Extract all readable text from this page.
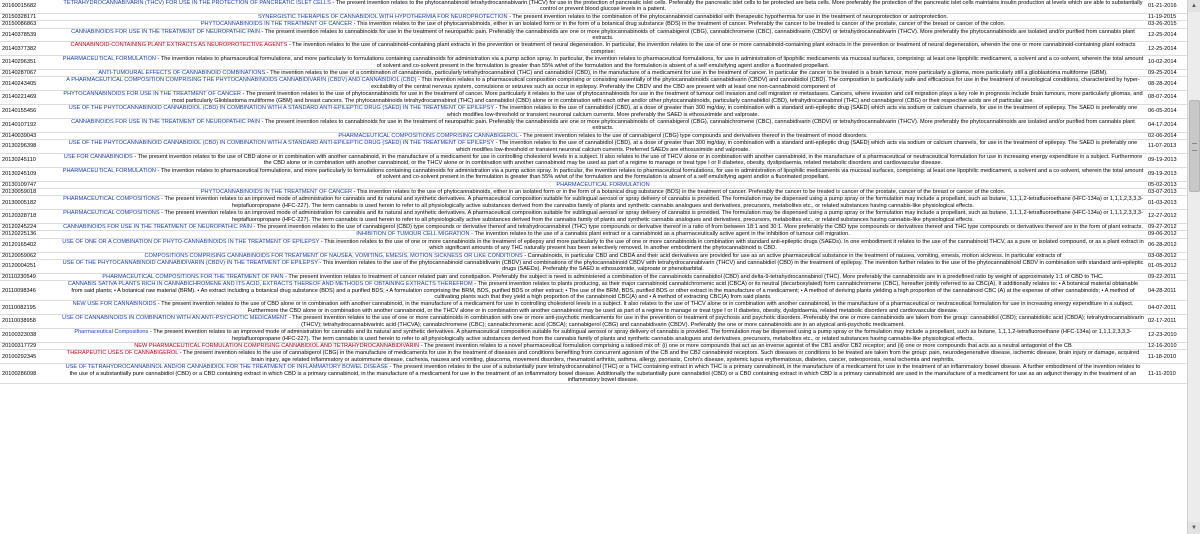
20160015682	TETRAHYDROCANNABIVARIN (THCV) FOR USE IN THE PROTECTION OF PANCREATIC ISLET CELLS - The present invention relates to the phytocannabinoid tetrahydrocannabivarin (THCV) for use in the protection of pancreatic islet cells. Preferably the pancreatic islet cells to be protected are beta cells. More preferably the protection of the pancreatic islet cells maintains insulin production at levels which are able to substantially control or prevent blood glucose levels in a patient.	01-21-2016
20150328171	SYNERGISTIC THERAPIES OF CANNABIDIOL WITH HYPOTHERMIA FOR NEUROPROTECTION - The present invention relates to the combination of the phytocannabinoid cannabidiol with therapeutic hypothermia for use in the treatment of neuroprotection or astroprotection.	11-19-2015
20150086863	PHYTOCANNABINOIDS IN THE TREATMENT OF CANCER - This invention relates to the use of phytocannabinoids, either in an isolated form or in the form of a botanical drug substance (BDS) in the treatment of cancer. Preferably the cancer to be treated is cancer of the prostate, cancer of the breast or cancer of the colon.	03-26-2015
20140378539	CANNABINOIDS FOR USE IN THE TREATMENT OF NEUROPATHIC PAIN - The present invention relates to cannabinoids for use in the treatment of neuropathic pain. Preferably the cannabinoids are one or more phytocannabinoids of: cannabigerol (CBG), cannabichromene (CBC), cannabidivarin (CBDV) or tetrahydrocannabivarin (THCV). More preferably the phytocannabinoids are isolated and/or purified from cannabis plant extracts.	12-25-2014
20140377382	CANNABINOID-CONTAINING PLANT EXTRACTS AS NEUROPROTECTIVE AGENTS - The invention relates to the use of cannabinoid-containing plant extracts in the prevention or treatment of neural degeneration. In particular, the invention relates to the use of one or more cannabinoid-containing plant extracts in the prevention or treatment of neural degeneration, wherein the one or more cannabinoid-containing plant extracts comprise:	12-25-2014
20140296351	PHARMACEUTICAL FORMULATION - The invention relates to pharmaceutical formulations, and more particularly to formulations containing cannabinoids for administration via a pump action spray. In particular, the invention relates to pharmaceutical formulations, for use in administration of lipophilic medicaments via mucosal surfaces, comprising: at least one lipophilic medicament, a solvent and a co-solvent, wherein the total amount of solvent and co-solvent present in the formulation is greater than 55% wt/wt of the formulation and the formulation is absent of a self emulsifying agent and/or a fluorinated propellant.	10-02-2014
20140287067	ANTI-TUMOURAL EFFECTS OF CANNABINOID COMBINATIONS - The invention relates to the use of a combination of cannabinoids, particularly tetrahydrocannabinol (THC) and cannabidiol (CBD), in the manufacture of a medicament for use in the treatment of cancer. In particular the cancer to be treated is a brain tumour, more particularly a glioma, more particularly still a glioblastoma multiforme (GBM).	09-25-2014
20140243405	A PHARMACEUTICAL COMPOSITION COMPRISING THE PHYTOCANNABINOIDS CANNABIDIVARIN (CBDV) AND CANNABIDIOL (CBD) - This invention relates to a pharmaceutical composition comprising or consisting essentially of the phytocannabinoids cannabidivarin (CBDV) and cannabidiol (CBD). The composition is particularly safe and efficacious for use in the treatment of neurological conditions, characterized by hyper-excitability of the central nervous system, convulsions or seizures such as occur in epilepsy. Preferably the CBDV and the CBD are present with at least one non-cannabinoid component of	08-28-2014
20140221469	PHYTOCANNABINOIDS FOR USE IN THE TREATMENT OF CANCER - The present invention relates to the use of phytocannabinoids for use in the treatment of cancer. More particularly it relates to the use of phytocannabinoids for use in the treatment of tumour cell invasion and cell migration or metastases. Cancers, where invasion and cell migration plays a key role in prognosis include brain tumours, more particularly gliomas, and most particularly Glioblastoma multiforme (GBM) and breast cancers. The phytocannabinoids tetrahydrocannabinol (THC) and cannabidiol (CBD) alone or in combination with each other and/or other phytocannabinoids, particularly cannabidiol (CBD), tetrahydrocannabinol (THC) and cannabigerol (CBG) or their respective acids are of particular use.	08-07-2014
20140155456	USE OF THE PHYTOCANNABINOID CANNABIDIOL (CBD) IN COMBINATION WITH A STANDARD ANTI-EPILEPTIC DRUG (SAED) IN THE TREATMENT OF EPILEPSY - The invention relates to the use of cannabidiol (CBD), at a dose of greater than 300 mg/day, in combination with a standard anti-epileptic drug (SAED) which acts via sodium or calcium channels, for use in the treatment of epilepsy. The SAED is preferably one which modifies low-threshold or transient neuronal calcium currents. More preferably the SAED is ethosuximide and valproate.	06-05-2014
20140107192	CANNABINOIDS FOR USE IN THE TREATMENT OF NEUROPATHIC PAIN - The present invention relates to cannabinoids for use in the treatment of neuropathic pain. Preferably the cannabinoids are one or more phytocannabinoids of: cannabigerol (CBG), cannabichromene (CBC), cannabidivarin (CBDV) or tetrahydrocannabivarin (THCV). More preferably the phytocannabinoids are isolated and/or purified from cannabis plant extracts.	04-17-2014
20140039043	PHARMACEUTICAL COMPOSITIONS COMPRISING CANNABIGEROL - The present invention relates to the use of cannabigerol (CBG) type compounds and derivatives thereof in the treatment of mood disorders.	02-06-2014
20130296398	USE OF THE PHYTOCANNABINOID CANNABIDIOL (CBD) IN COMBINATION WITH A STANDARD ANTI-EPILEPTIC DRUG (SAED) IN THE TREATMENT OF EPILEPSY - The invention relates to the use of cannabidiol (CBD), at a dose of greater than 300 mg/day, in combination with a standard anti-epileptic drug (SAED) which acts via sodium or calcium channels, for use in the treatment of epilepsy. The SAED is preferably one which modifies low-threshold or transient neuronal calcium currents. Preferred SAEDs are ethosuximide and valproate.	11-07-2013
20130245110	USE FOR CANNABINOIDS - The present invention relates to the use of CBD alone or in combination with another cannabinoid, in the manufacture of a medicament for use in controlling cholesterol levels in a subject. It also relates to the use of THCV alone or in combination with another cannabinoid, in the manufacture of a pharmaceutical or neutraceutical formulation for use in increasing energy expenditure in a subject. Furthermore the CBD alone or in combination with another cannabinoid, or the THCV alone or in combination with another cannabinoid may be used as part of a regime to manage or treat type I or II diabetes, obesity, dyslipidaemia, related metabolic disorders and cardiovascular disease.	09-19-2013
20130245109	PHARMACEUTICAL FORMULATION - The invention relates to pharmaceutical formulations, and more particularly to formulations containing cannabinoids for administration via a pump action spray. In particular, the invention relates to pharmaceutical formulations, for use in administration of lipophilic medicaments via mucosal surfaces, comprising: at least one lipophilic medicament, a solvent and a co-solvent, wherein the total amount of solvent and co-solvent present in the formulation is greater than 55% wt/wt of the formulation and the formulation is absent of a self emulsifying agent and/or a fluorinated propellant.	09-19-2013
20130109747	PHARMACEUTICAL FORMULATION	05-02-2013
20130059018	PHYTOCANNABINOIDS IN THE TREATMENT OF CANCER - This invention relates to the use of phytocannabinoids, either in an isolated form or in the form of a botanical drug substance (BDS) in the treatment of cancer. Preferably the cancer to be treated is cancer of the prostate, cancer of the breast or cancer of the colon.	03-07-2013
20130005182	PHARMACEUTICAL COMPOSITIONS - The present invention relates to an improved mode of administration for cannabis and its natural and synthetic derivatives. A pharmaceutical composition suitable for sublingual aerosol or spray delivery of cannabis is provided. The formulation may be dispensed using a pump spray or the formulation may include a propellant, such as butane, 1,1,1,2-tetrafluoroethane (HFC-134a) or 1,1,1,2,3,3,3-heptafluoropropane (HFC-227). The term cannabis is used herein to refer to all physiologically active substances derived from the cannabis family of plants and synthetic cannabis analogues and derivatives, precursors, metabolites etc., or related substances having cannabis-like physiological effects.	01-03-2013
20120328718	PHARMACEUTICAL COMPOSITIONS - The present invention relates to an improved mode of administration for cannabis and its natural and synthetic derivatives. A pharmaceutical composition suitable for sublingual aerosol or spray delivery of cannabis is provided. The formulation may be dispensed using a pump spray or the formulation may include a propellant, such as butane, 1,1,1,2-tetrafluoroethane (HFC-134a) or 1,1,1,2,3,3,3-heptafluoropropane (HFC-227). The term cannabis is used herein to refer to all physiologically active substances derived from the cannabis family of plants and synthetic cannabis analogues and derivatives, precursors, metabolites etc., or related substances having cannabis-like physiological effects.	12-27-2012
20120245224	CANNABINOIDS FOR USE IN THE TREATMENT OF NEUROPATHIC PAIN - The present invention relates to the use of cannabigerol (CBD) type compounds or derivative thereof and tetrahydrocannabinol (THC) type compounds or derivative thereof in a ratio of from between 18:1 and 30:1. More preferably the CBD type compounds or derivatives thereof and THC type compounds or derivatives thereof are in the form of plant extracts.	09-27-2012
20120225136	INHIBITION OF TUMOUR CELL MIGRATION - The invention relates to the use of a cannabis plant extract or a cannabinoid as a pharmaceutically active agent in the inhibition of tumour cell migration.	09-06-2012
20120165402	USE OF ONE OR A COMBINATION OF PHYTO-CANNABINOIDS IN THE TREATMENT OF EPILEPSY - This invention relates to the use of one or more cannabinoids in the treatment of epilepsy and more particularly to the use of one or more cannabinoids in combination with standard anti-epileptic drugs (SAEDs). In one embodiment it relates to the use of the cannabinoid THCV, as a pure or isolated compound, or as a plant extract in which significant amounts of any THC naturally present has been selectively removed. In another embodiment the phytocannabinoid is CBD.	06-28-2012
20120059062	COMPOSITIONS COMPRISING CANNABINOIDS FOR TREATMENT OF NAUSEA, VOMITING, EMESIS, MOTION SICKNESS OR LIKE CONDITIONS - Cannabinoids, in particular CBD and CBDA and their acid derivatives are provided for use as an active pharmaceutical substance in the treatment of nausea, vomiting, emesis, motion sickness. In particular extracts of	03-08-2012
20120004251	USE OF THE PHYTOCANNABINOID CANNABIDIVARIN (CBDV) IN THE TREATMENT OF EPILEPSY - This invention relates to the use of the phytocannabinoid cannabidivarin (CBDV) and combinations of the phytocannabinoid CBDV with tetrahydrocannabivarin (THCV) and cannabidiol (CBD) in the treatment of epilepsy. The invention further relates to the use of the phytocannabinoid CBDV in combination with standard anti-epileptic drugs (SAEDs). Preferably the SAED is ethosuximide, valproate or phenobarbital.	01-05-2012
20110230549	PHARMACEUTICAL COMPOSITIONS FOR THE TREATMENT OF PAIN - The present invention relates to treatment of cancer related pain and constipation. Preferably the subject is need is administered a combination of the cannabinoids cannabidiol (CBD) and delta-9-tetrahydrocannabinol (THC). More preferably the cannabinoids are in a predefined ratio by weight of approximately 1:1 of CBD to THC.	09-22-2011
20110098346	CANNABIS SATIVA PLANTS RICH IN CANNABICHROMENE AND ITS ACID, EXTRACTS THEREOF AND METHODS OF OBTAINING EXTRACTS THEREFROM - The present invention relates to plants producing, as their major cannabinoid cannabichromenic acid (CBCA) or its neutral (decarboxylated) form cannabichromene (CBC), hereafter jointly referred to as CBC(A). It additionally relates to: • A botanical material obtainable from said plants; • A botanical raw material (BRM). • An extract including a botanical drug substance (BDS) and a purified BDS; • A formulation comprising the BRM, BDS, purified BDS or other extract; • The use of the BRM, BDS, purified BDS or other extract in the manufacture of a medicament; • A method of deriving plants yielding a high proportion of the cannabinoid CBC (A) at the expense of other cannabinoids; • A method of cultivating plants such that they yield a high proportion of the cannabinoid CBC(A) and • A method of extracting CBC(A) from said plants.	04-28-2011
20110082195	NEW USE FOR CANNABINOIDS - The present invention relates to the use of CBD alone or in combination with another cannabinoid, in the manufacture of a medicament for use in controlling cholesterol levels in a subject. It also relates to the use of THCV alone or in combination with another cannabinoid, in the manufacture of a pharmaceutical or neutraceutical formulation for use in increasing energy expenditure in a subject. Furthermore the CBD alone or in combination with another cannabinoid, or the THCV alone or in combination with another cannabinoid may be used as part of a regime to manage or treat type I or II diabetes, obesity, dyslipidaemia, related metabolic disorders and cardiovascular disease.	04-07-2011
20110038958	USE OF CANNABINOIDS IN COMBINATION WITH AN ANTI-PSYCHOTIC MEDICAMENT - The present invention relates to the use of one or more cannabinoids in combination with one or more anti-psychotic medicaments for use in the prevention or treatment of psychosis and psychotic disorders. Preferably the one or more cannabinoids are taken from the group: cannabidiol (CBD); cannabidiolic acid (CBDA); tetrahydrocannabivarin (THCV); tetrahydrocannabivarinic acid (THCVA); cannabichromene (CBC); cannabichromenic acid (CBCA); cannabigerol (CBG) and cannabidivarin (CBDV). Preferably the one or more cannabinoids are in an atypical anti-psychotic medicament.	02-17-2011
20100323038	Pharmaceutical Compositions - The present invention relates to an improved mode of administration for cannabis and its natural and synthetic derivatives. A pharmaceutical composition suitable for sublingual aerosol or spray delivery of cannabis is provided. The formulation may be dispensed using a pump spray or the formulation may include a propellant, such as butane, 1,1,1,2-tetrafluoroethane (HFC-134a) or 1,1,1,2,3,3,3-heptafluoropropane (HFC-227). The term cannabis is used herein to refer to all physiologically active substances derived from the cannabis family of plants and synthetic cannabis analogues and derivatives, precursors, metabolites etc., or related substances having cannabis-like physiological effects.	12-23-2010
20100317729	NEW PHARMACEUTICAL FORMULATION COMPRISING CANNABIDIOL AND TETRAHYDROCANNABIDIVARIN - The present invention relates to a novel pharmaceutical formulation comprising a ratioed mix of: (i) one or more compounds that act as an inverse agonist of the CB1 and/or CB2 receptor; and (ii) one or more compounds that acts as a neutral antagonist of the CB	12-16-2010
20100292345	THERAPEUTIC USES OF CANNABIGEROL - The present invention relates to the use of cannabigerol (CBG) in the manufacture of medicaments for use in the treatment of diseases and conditions benefiting from concurrent agonism of the CB and the CB2 cannabinoid receptors. Such diseases or conditions to be treated are taken from the group: pain, neurodegenerative disease, ischemic disease, brain injury or damage, acquired brain injury, age related inflammatory or autoimmune disease, cachexia, nausea and vomiting, glaucoma, movement disorders, rheumatoid arthritis, asthma, allergy, psoriasis, Crohn's disease, systemic lupus erythematosus, diabetes, cancer, osteoporosis, renal ischemia and nephritis.	11-18-2010
20100286098	USE OF TETRAHYDROCANNABINOL AND/OR CANNABIDIOL FOR THE TREATMENT OF INFLAMMATORY BOWEL DISEASE - The present invention relates to the use of a substantially pure tetrahydrocannabinol (THC) or a THC containing extract in which THC is a primary cannabinoid, in the manufacture of a medicament for use in the treatment of an inflammatory bowel disease. A further embodiment of the invention relates to the use of a substantially pure cannabidiol (CBD) or a CBD containing extract in which CBD is a primary cannabinoid, in the manufacture of a medicament for use in the treatment of an inflammatory bowel disease. Additionally the substantially pure cannabidiol (CBD) or a CBD containing extract in which CBD is a primary cannabinoid are used in the manufacture of a medicament for use as an adjunct therapy in the treatment of an inflammatory bowel disease.	11-11-2010
▲
▼
